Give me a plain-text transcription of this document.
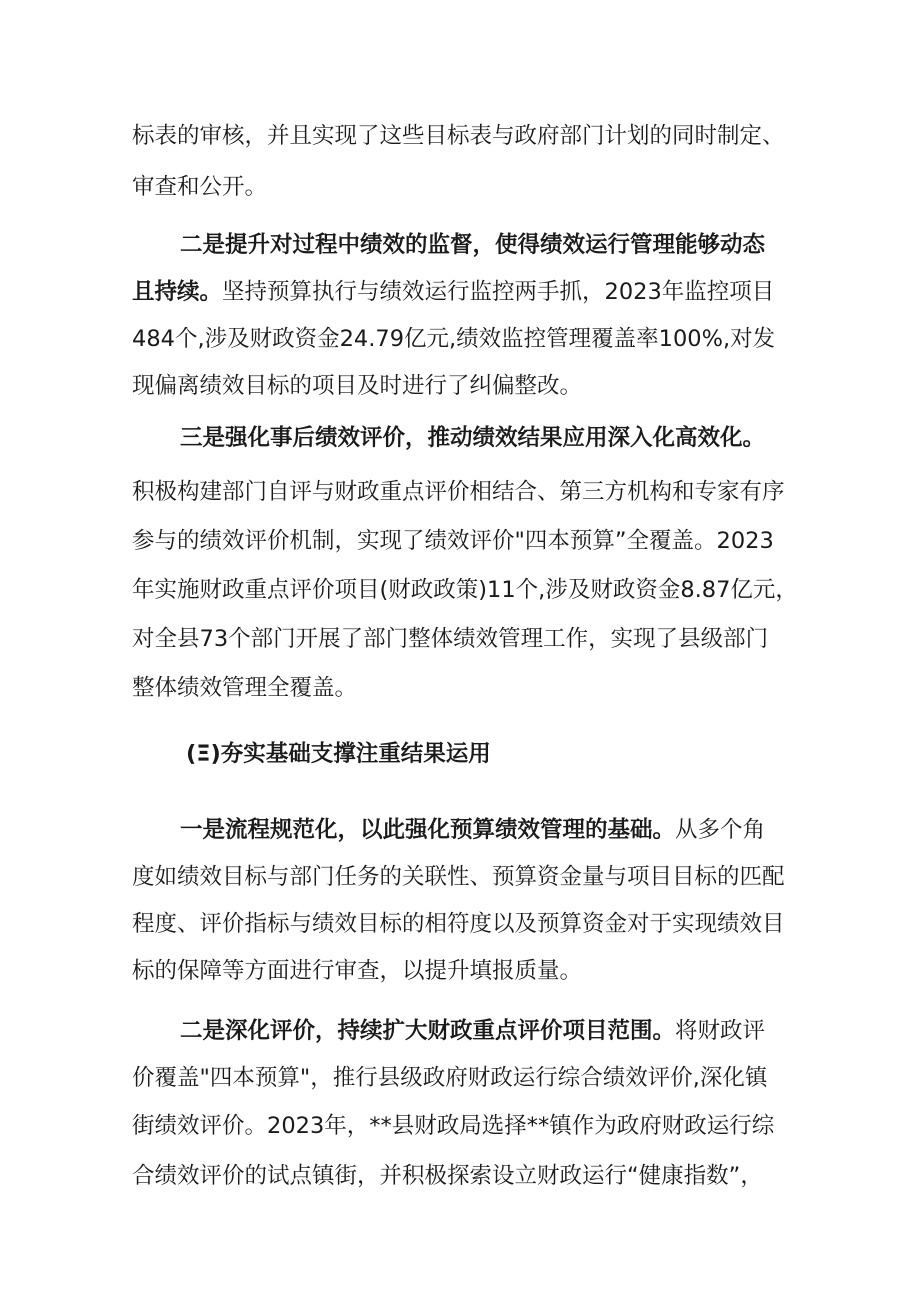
标表的审核，并且实现了这些目标表与政府部门计划的同时制定、
审查和公开。
二是提升对过程中绩效的监督，使得绩效运行管理能够动态
且持续。坚持预算执行与绩效运行监控两手抓，2023年监控项目
484个,涉及财政资金24.79亿元,绩效监控管理覆盖率100%,对发
现偏离绩效目标的项目及时进行了纠偏整改。
三是强化事后绩效评价，推动绩效结果应用深入化高效化。
积极构建部门自评与财政重点评价相结合、第三方机构和专家有序
参与的绩效评价机制，实现了绩效评价"四本预算”全覆盖。2023
年实施财政重点评价项目(财政政策)11个,涉及财政资金8.87亿元，
对全县73个部门开展了部门整体绩效管理工作，实现了县级部门
整体绩效管理全覆盖。
(Ξ)夯实基础支撑注重结果运用
一是流程规范化，以此强化预算绩效管理的基础。从多个角
度如绩效目标与部门任务的关联性、预算资金量与项目目标的匹配
程度、评价指标与绩效目标的相符度以及预算资金对于实现绩效目
标的保障等方面进行审查，以提升填报质量。
二是深化评价，持续扩大财政重点评价项目范围。将财政评
价覆盖"四本预算"，推行县级政府财政运行综合绩效评价,深化镇
街绩效评价。2023年，**县财政局选择**镇作为政府财政运行综
合绩效评价的试点镇街，并积极探索设立财政运行“健康指数”，
